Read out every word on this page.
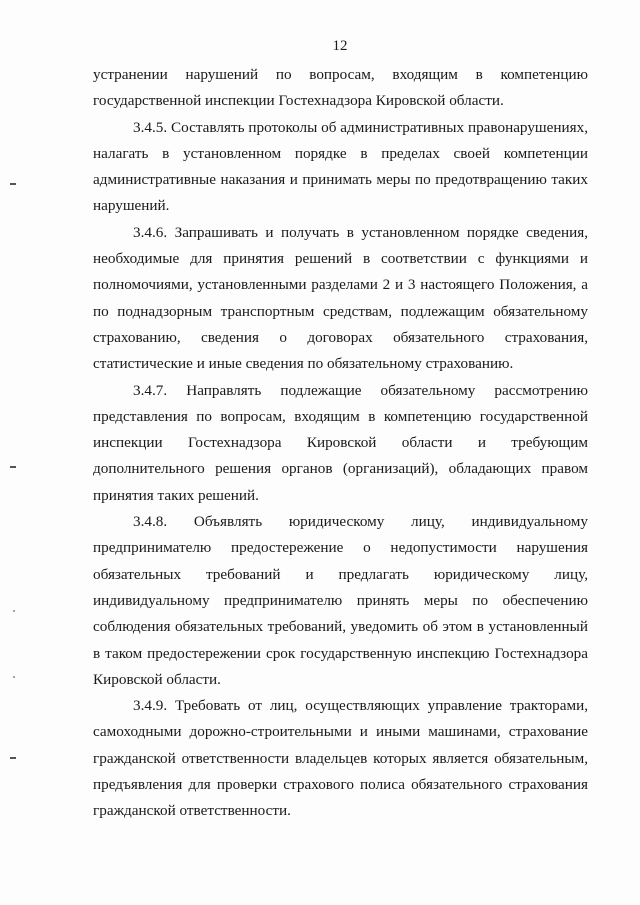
12

устранении нарушений по вопросам, входящим в компетенцию государственной инспекции Гостехнадзора Кировской области.

3.4.5. Составлять протоколы об административных правонарушениях, налагать в установленном порядке в пределах своей компетенции административные наказания и принимать меры по предотвращению таких нарушений.

3.4.6. Запрашивать и получать в установленном порядке сведения, необходимые для принятия решений в соответствии с функциями и полномочиями, установленными разделами 2 и 3 настоящего Положения, а по поднадзорным транспортным средствам, подлежащим обязательному страхованию, сведения о договорах обязательного страхования, статистические и иные сведения по обязательному страхованию.

3.4.7. Направлять подлежащие обязательному рассмотрению представления по вопросам, входящим в компетенцию государственной инспекции Гостехнадзора Кировской области и требующим дополнительного решения органов (организаций), обладающих правом принятия таких решений.

3.4.8. Объявлять юридическому лицу, индивидуальному предпринимателю предостережение о недопустимости нарушения обязательных требований и предлагать юридическому лицу, индивидуальному предпринимателю принять меры по обеспечению соблюдения обязательных требований, уведомить об этом в установленный в таком предостережении срок государственную инспекцию Гостехнадзора Кировской области.

3.4.9. Требовать от лиц, осуществляющих управление тракторами, самоходными дорожно-строительными и иными машинами, страхование гражданской ответственности владельцев которых является обязательным, предъявления для проверки страхового полиса обязательного страхования гражданской ответственности.
